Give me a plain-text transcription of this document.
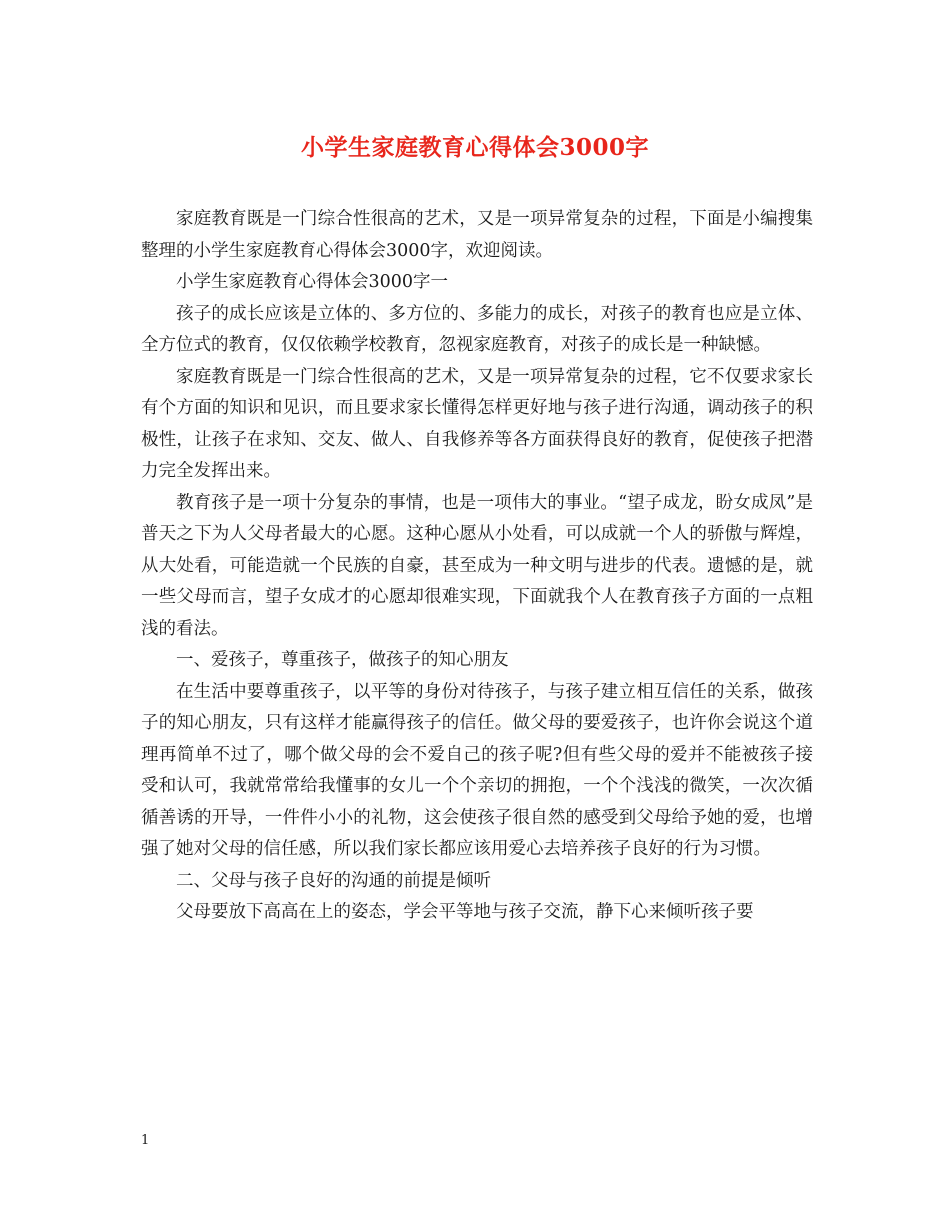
小学生家庭教育心得体会3000字

家庭教育既是一门综合性很高的艺术，又是一项异常复杂的过程，下面是小编搜集整理的小学生家庭教育心得体会3000字，欢迎阅读。

小学生家庭教育心得体会3000字一

孩子的成长应该是立体的、多方位的、多能力的成长，对孩子的教育也应是立体、全方位式的教育，仅仅依赖学校教育，忽视家庭教育，对孩子的成长是一种缺憾。

家庭教育既是一门综合性很高的艺术，又是一项异常复杂的过程，它不仅要求家长有个方面的知识和见识，而且要求家长懂得怎样更好地与孩子进行沟通，调动孩子的积极性，让孩子在求知、交友、做人、自我修养等各方面获得良好的教育，促使孩子把潜力完全发挥出来。

教育孩子是一项十分复杂的事情，也是一项伟大的事业。“望子成龙，盼女成凤”是普天之下为人父母者最大的心愿。这种心愿从小处看，可以成就一个人的骄傲与辉煌，从大处看，可能造就一个民族的自豪，甚至成为一种文明与进步的代表。遗憾的是，就一些父母而言，望子女成才的心愿却很难实现，下面就我个人在教育孩子方面的一点粗浅的看法。

一、爱孩子，尊重孩子，做孩子的知心朋友

在生活中要尊重孩子，以平等的身份对待孩子，与孩子建立相互信任的关系，做孩子的知心朋友，只有这样才能赢得孩子的信任。做父母的要爱孩子，也许你会说这个道理再简单不过了，哪个做父母的会不爱自己的孩子呢?但有些父母的爱并不能被孩子接受和认可，我就常常给我懂事的女儿一个个亲切的拥抱，一个个浅浅的微笑，一次次循循善诱的开导，一件件小小的礼物，这会使孩子很自然的感受到父母给予她的爱，也增强了她对父母的信任感，所以我们家长都应该用爱心去培养孩子良好的行为习惯。

二、父母与孩子良好的沟通的前提是倾听

父母要放下高高在上的姿态，学会平等地与孩子交流，静下心来倾听孩子要

1
